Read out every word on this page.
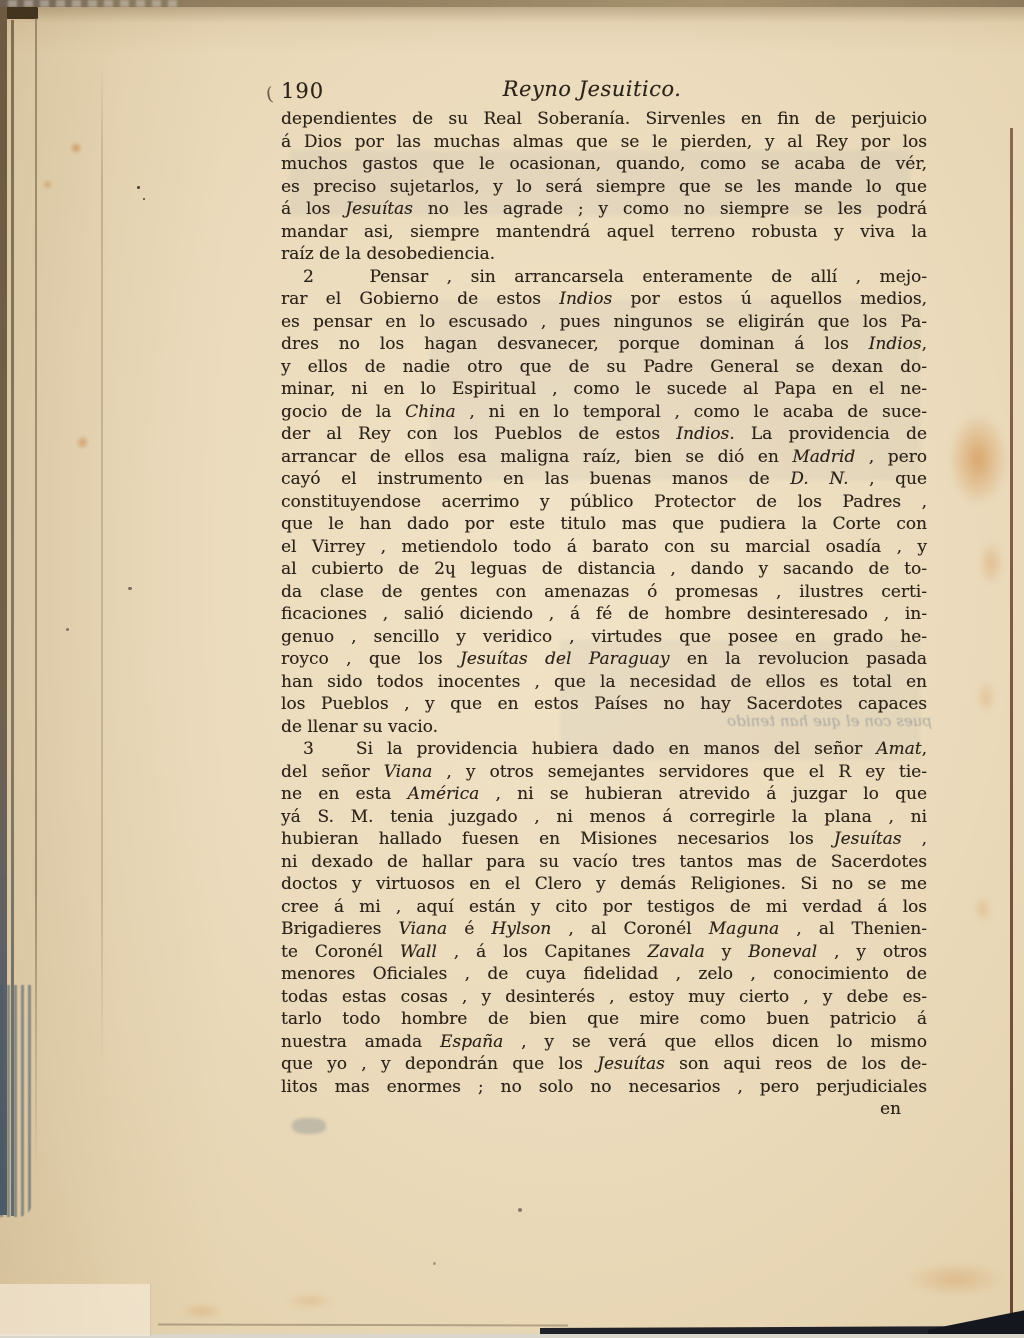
pues con el que han tenido
( 190	Reyno Jesuitico.
dependientes de su Real Soberanía. Sirvenles en fin de perjuicio
á Dios por las muchas almas que se le pierden, y al Rey por los
muchos gastos que le ocasionan, quando, como se acaba de vér,
es preciso sujetarlos, y lo será siempre que se les mande lo que
á los Jesuítas no les agrade ; y como no siempre se les podrá
mandar asi, siempre mantendrá aquel terreno robusta y viva la
raíz de la desobediencia.
2   Pensar , sin arrancarsela enteramente de allí , mejo-
rar el Gobierno de estos Indios por estos ú aquellos medios,
es pensar en lo escusado , pues ningunos se eligirán que los Pa-
dres no los hagan desvanecer, porque dominan á los Indios,
y ellos de nadie otro que de su Padre General se dexan do-
minar, ni en lo Espiritual , como le sucede al Papa en el ne-
gocio de la China , ni en lo temporal , como le acaba de suce-
der al Rey con los Pueblos de estos Indios. La providencia de
arrancar de ellos esa maligna raíz, bien se dió en Madrid , pero
cayó el instrumento en las buenas manos de D. N. , que
constituyendose acerrimo y público Protector de los Padres ,
que le han dado por este titulo mas que pudiera la Corte con
el Virrey , metiendolo todo á barato con su marcial osadía , y
al cubierto de 2ɥ leguas de distancia , dando y sacando de to-
da clase de gentes con amenazas ó promesas , ilustres certi-
ficaciones , salió diciendo , á fé de hombre desinteresado , in-
genuo , sencillo y veridico , virtudes que posee en grado he-
royco , que los Jesuítas del Paraguay en la revolucion pasada
han sido todos inocentes , que la necesidad de ellos es total en
los Pueblos , y que en estos Países no hay Sacerdotes capaces
de llenar su vacio.
3   Si la providencia hubiera dado en manos del señor Amat,
del señor Viana , y otros semejantes servidores que el R ey tie-
ne en esta América , ni se hubieran atrevido á juzgar lo que
yá S. M. tenia juzgado , ni menos á corregirle la plana , ni
hubieran hallado fuesen en Misiones necesarios los Jesuítas ,
ni dexado de hallar para su vacío tres tantos mas de Sacerdotes
doctos y virtuosos en el Clero y demás Religiones. Si no se me
cree á mi , aquí están y cito por testigos de mi verdad á los
Brigadieres Viana é Hylson , al Coronél Maguna , al Thenien-
te Coronél Wall , á los Capitanes Zavala y Boneval , y otros
menores Oficiales , de cuya fidelidad , zelo , conocimiento de
todas estas cosas , y desinterés , estoy muy cierto , y debe es-
tarlo todo hombre de bien que mire como buen patricio á
nuestra amada España , y se verá que ellos dicen lo mismo
que yo , y depondrán que los Jesuítas son aqui reos de los de-
litos mas enormes ; no solo no necesarios , pero perjudiciales
en
